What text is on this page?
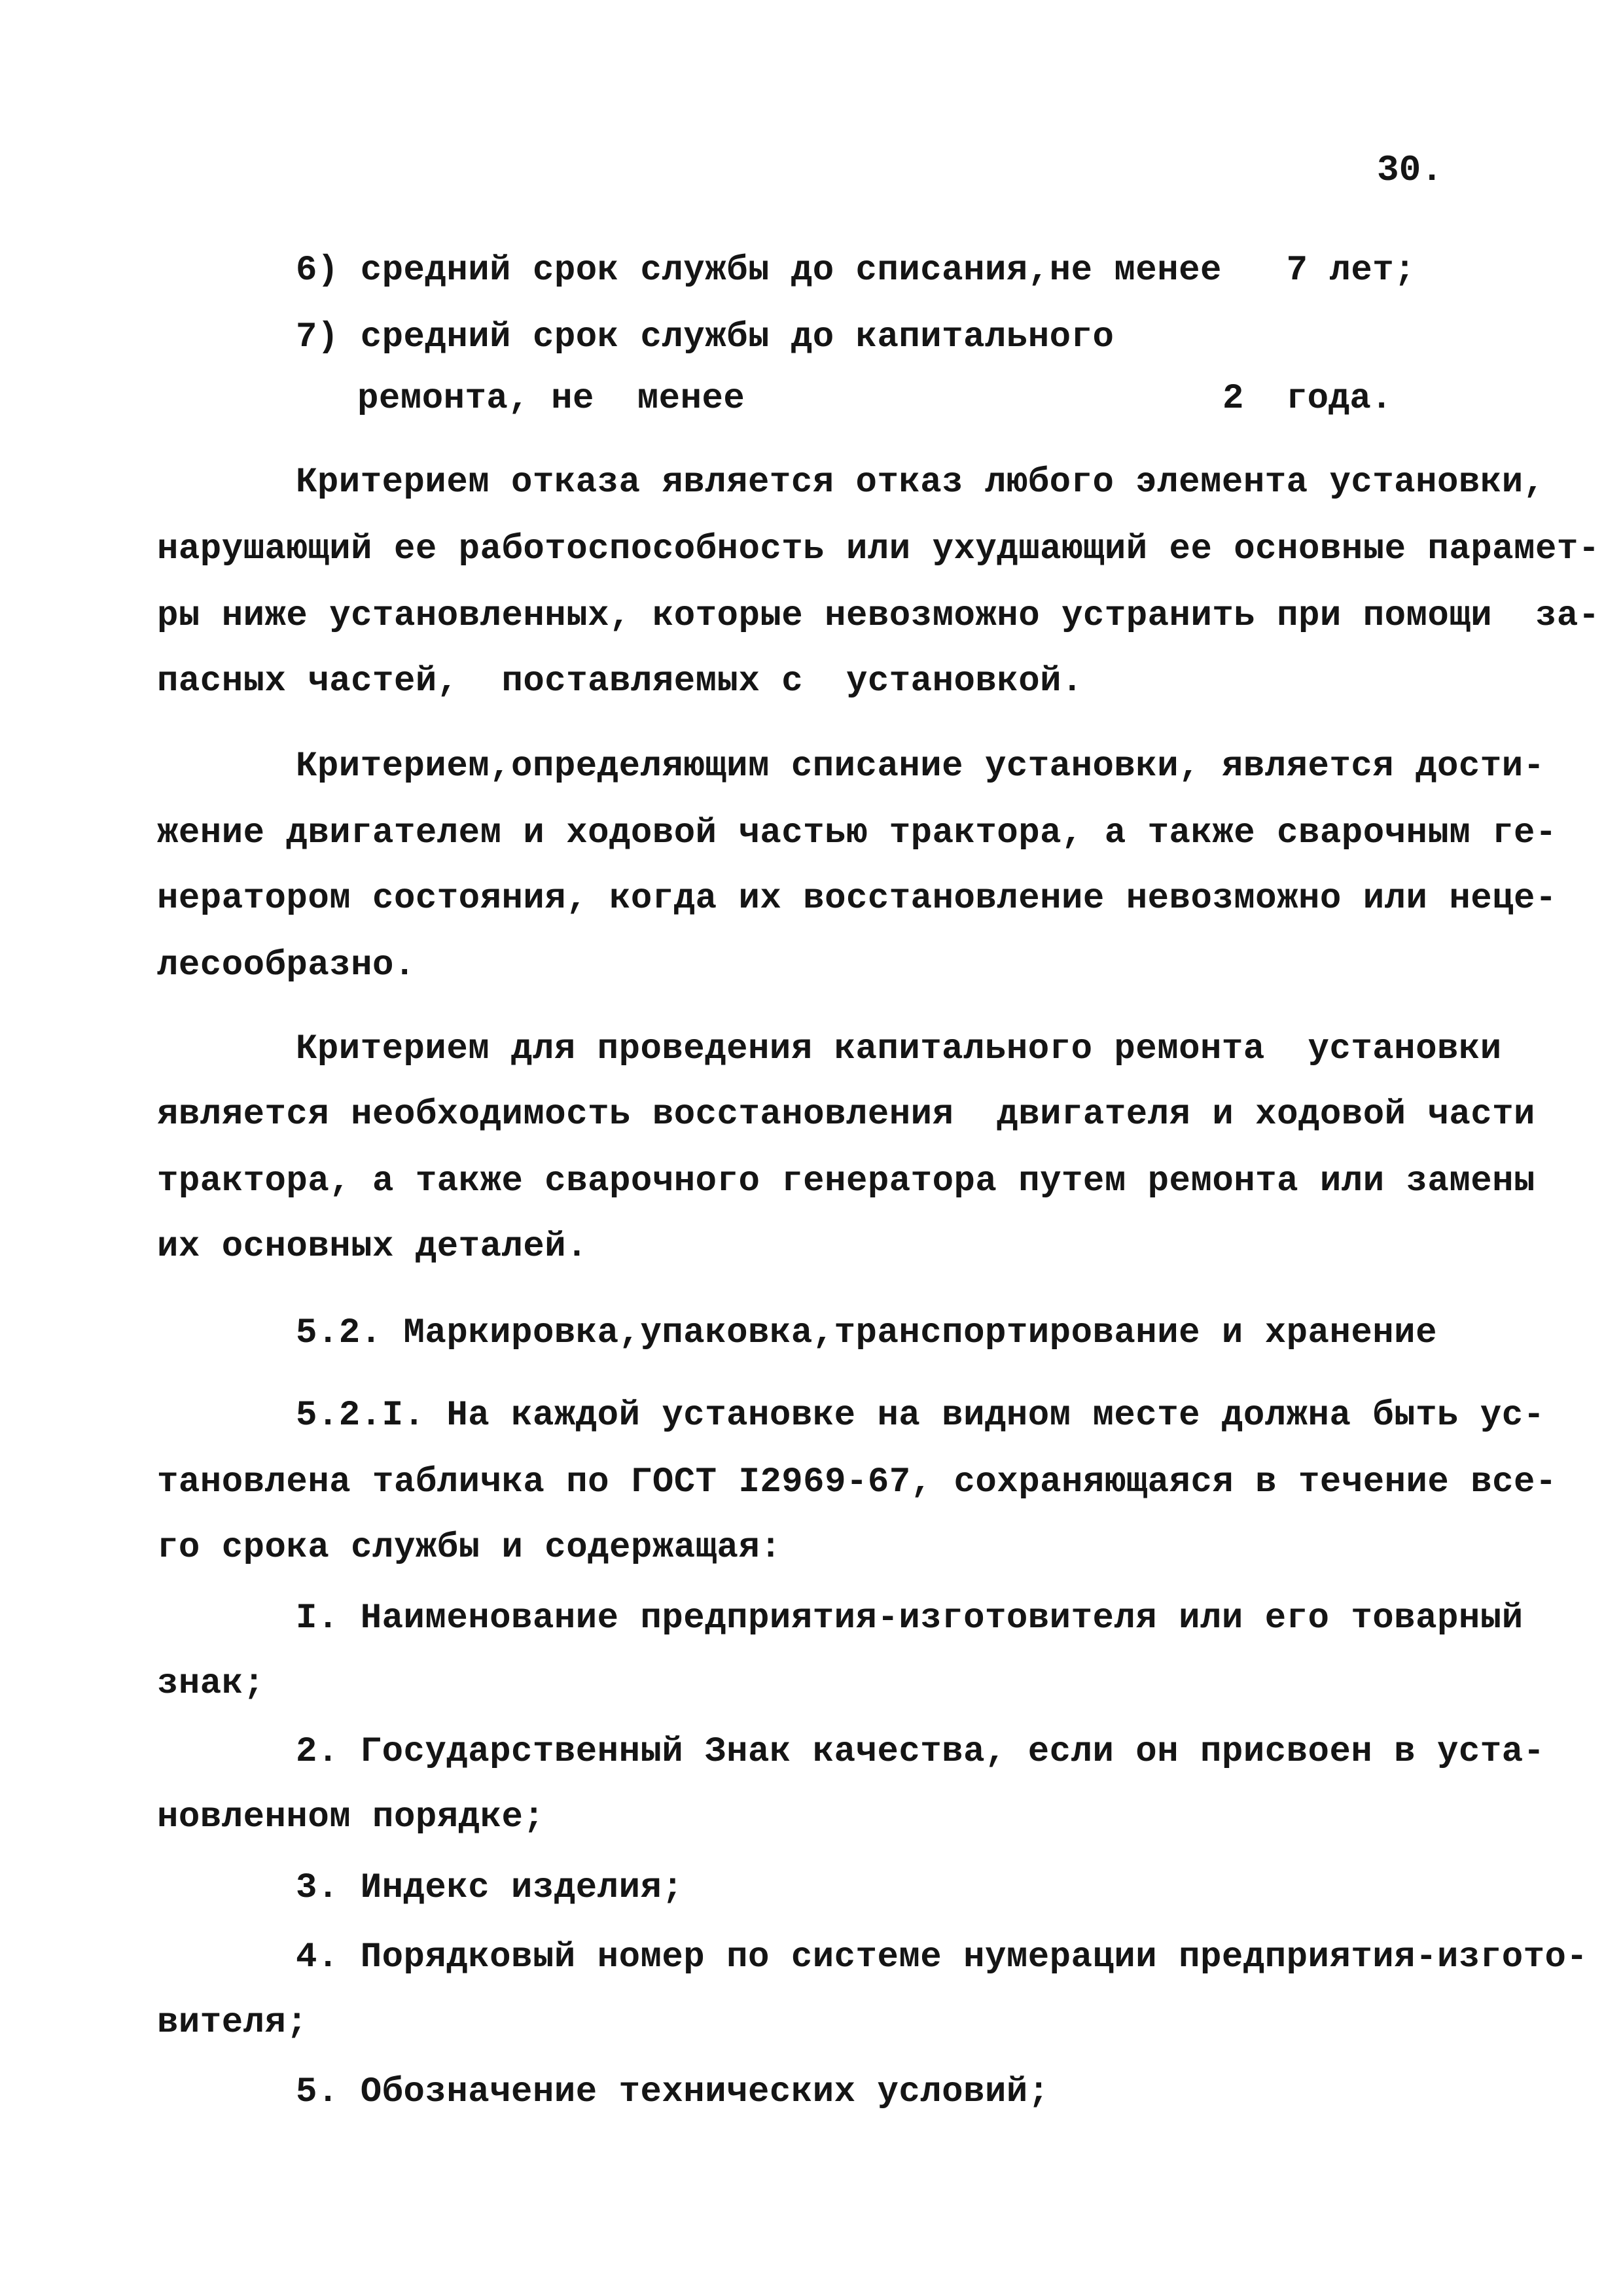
30.
6) средний срок службы до списания,не менее   7 лет;
7) средний срок службы до капитального
ремонта, не  менее	2  года.
Критерием отказа является отказ любого элемента установки,
нарушающий ее работоспособность или ухудшающий ее основные парамет-
ры ниже установленных, которые невозможно устранить при помощи  за-
пасных частей,  поставляемых с  установкой.
Критерием,определяющим списание установки, является дости-
жение двигателем и ходовой частью трактора, а также сварочным ге-
нератором состояния, когда их восстановление невозможно или неце-
лесообразно.
Критерием для проведения капитального ремонта  установки
является необходимость восстановления  двигателя и ходовой части
трактора, а также сварочного генератора путем ремонта или замены
их основных деталей.
5.2. Маркировка,упаковка,транспортирование и хранение
5.2.I. На каждой установке на видном месте должна быть ус-
тановлена табличка по ГОСТ I2969-67, сохраняющаяся в течение все-
го срока службы и содержащая:
I. Наименование предприятия-изготовителя или его товарный
знак;
2. Государственный Знак качества, если он присвоен в уста-
новленном порядке;
3. Индекс изделия;
4. Порядковый номер по системе нумерации предприятия-изгото-
вителя;
5. Обозначение технических условий;
